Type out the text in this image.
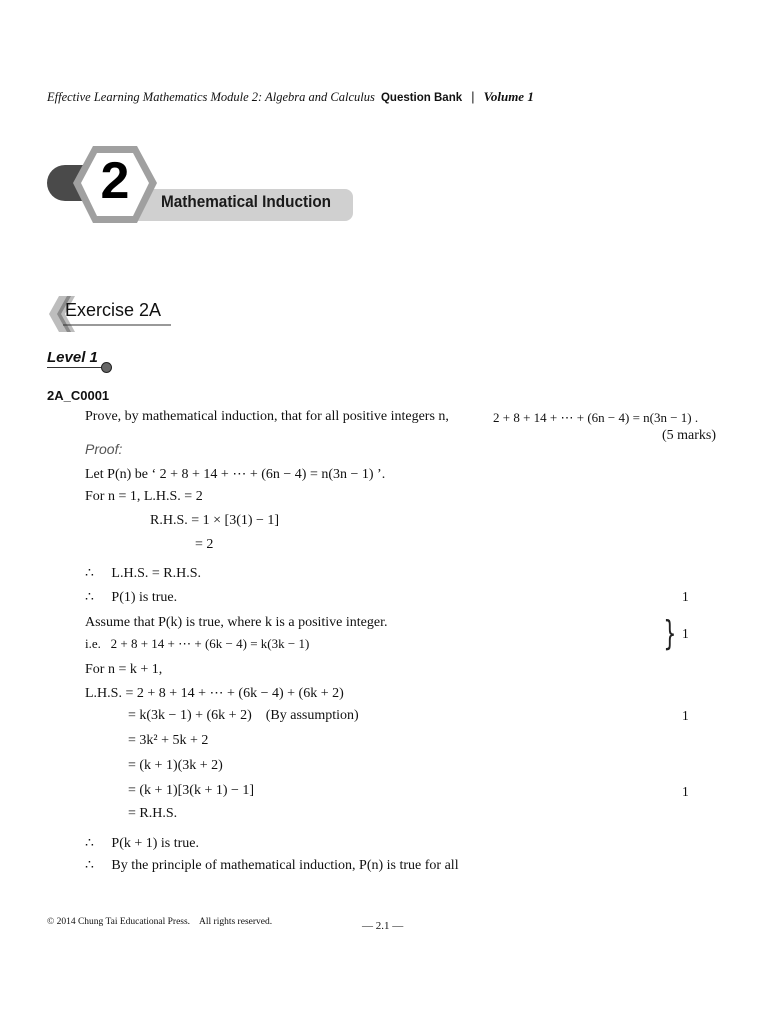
Effective Learning Mathematics Module 2: Algebra and Calculus Question Bank | Volume 1
2	Mathematical Induction
Exercise 2A
Level 1
2A_C0001
Prove, by mathematical induction, that for all positive integers n,	2 + 8 + 14 + ⋯ + (6n − 4) = n(3n − 1) .
(5 marks)
Proof:
Let P(n) be ‘ 2 + 8 + 14 + ⋯ + (6n − 4) = n(3n − 1) ’.
For n = 1, L.H.S. = 2
R.H.S. = 1 × [3(1) − 1]
= 2
∴     L.H.S. = R.H.S.
∴     P(1) is true.	1
Assume that P(k) is true, where k is a positive integer.
i.e.   2 + 8 + 14 + ⋯ + (6k − 4) = k(3k − 1)	} 1
For n = k + 1,
L.H.S. = 2 + 8 + 14 + ⋯ + (6k − 4) + (6k + 2)
= k(3k − 1) + (6k + 2)    (By assumption)	1
= 3k² + 5k + 2
= (k + 1)(3k + 2)
= (k + 1)[3(k + 1) − 1]	1
= R.H.S.
∴     P(k + 1) is true.
∴     By the principle of mathematical induction, P(n) is true for all
© 2014 Chung Tai Educational Press.    All rights reserved.	— 2.1 —
